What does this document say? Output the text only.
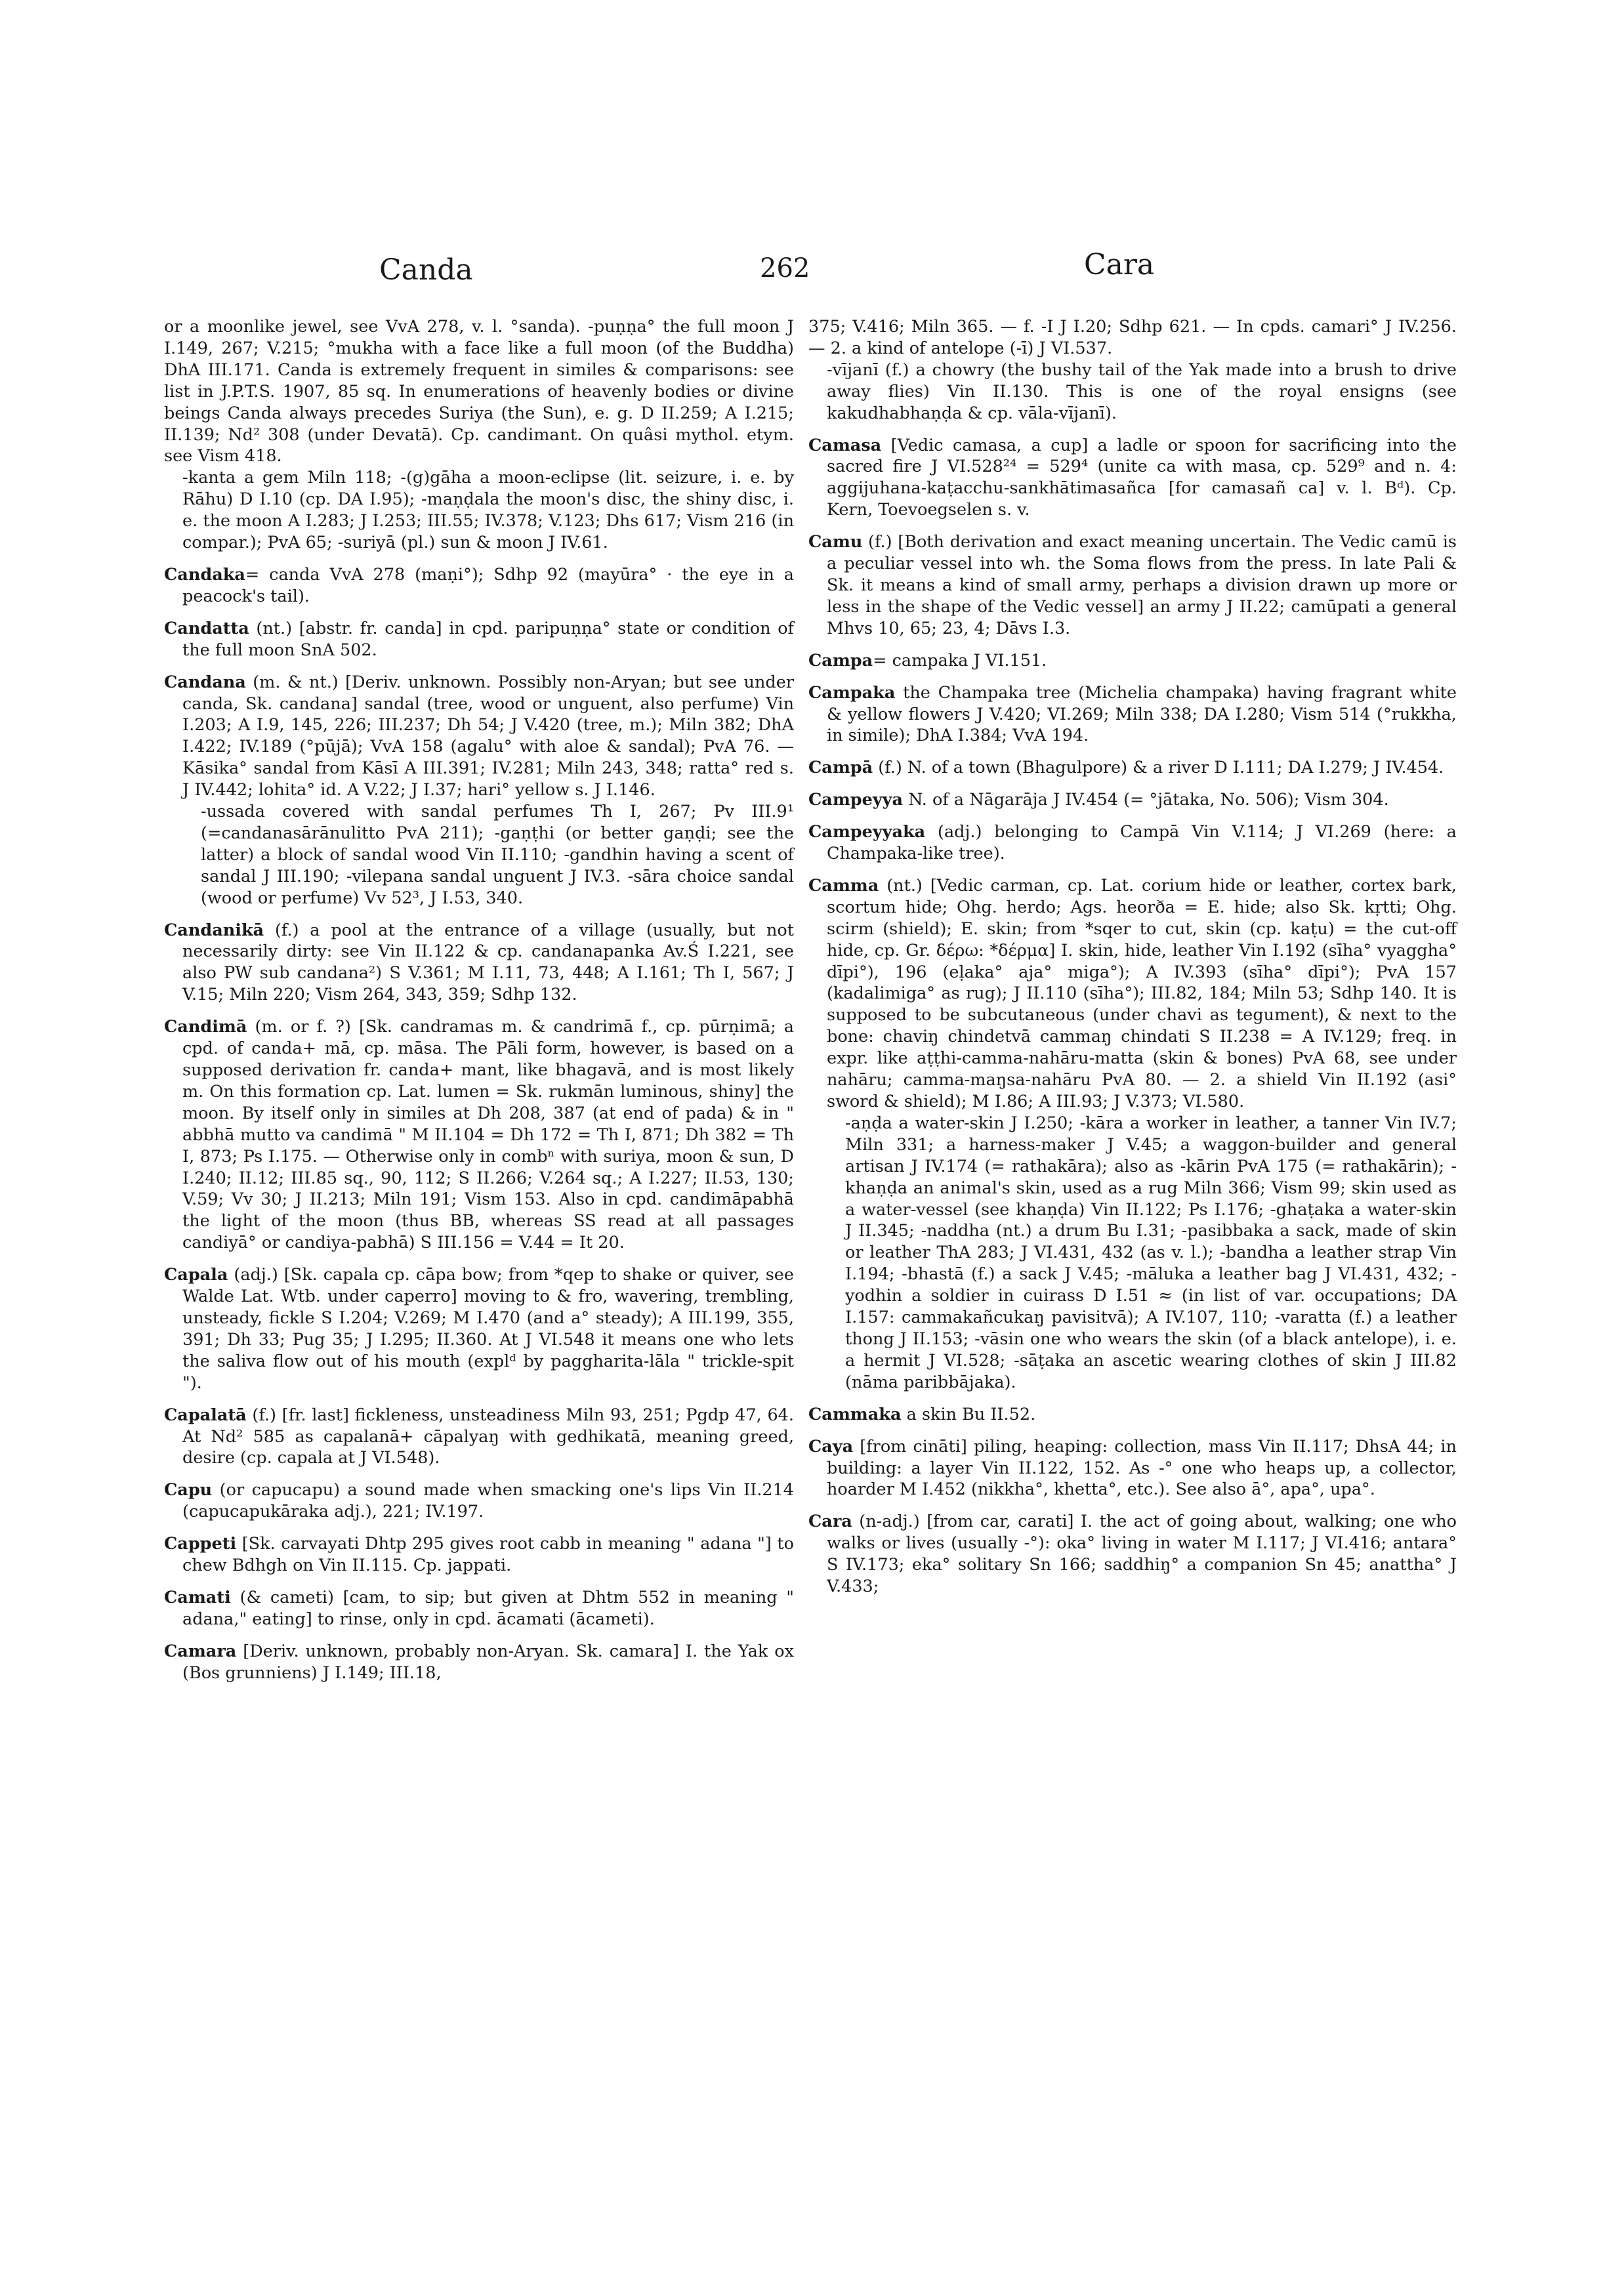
Canda	262	Cara
or a moonlike jewel, see VvA 278, v. l. °sanda). -puṇṇa° the full moon J I.149, 267; V.215; °mukha with a face like a full moon (of the Buddha) DhA III.171. Canda is extremely frequent in similes & comparisons: see list in J.P.T.S. 1907, 85 sq. In enumerations of heavenly bodies or divine beings Canda always precedes Suriya (the Sun), e. g. D II.259; A I.215; II.139; Nd² 308 (under Devatā). Cp. candimant. On quâsi mythol. etym. see Vism 418.
-kanta a gem Miln 118; -(g)gāha a moon-eclipse (lit. seizure, i. e. by Rāhu) D I.10 (cp. DA I.95); -maṇḍala the moon's disc, the shiny disc, i. e. the moon A I.283; J I.253; III.55; IV.378; V.123; Dhs 617; Vism 216 (in compar.); PvA 65; -suriyā (pl.) sun & moon J IV.61.
Candaka= canda VvA 278 (maṇi°); Sdhp 92 (mayūra° · the eye in a peacock's tail).
Candatta (nt.) [abstr. fr. canda] in cpd. paripuṇṇa° state or condition of the full moon SnA 502.
Candana (m. & nt.) [Deriv. unknown. Possibly non-Aryan; but see under canda, Sk. candana] sandal (tree, wood or unguent, also perfume) Vin I.203; A I.9, 145, 226; III.237; Dh 54; J V.420 (tree, m.); Miln 382; DhA I.422; IV.189 (°pūjā); VvA 158 (agalu° with aloe & sandal); PvA 76. — Kāsika° sandal from Kāsī A III.391; IV.281; Miln 243, 348; ratta° red s. J IV.442; lohita° id. A V.22; J I.37; hari° yellow s. J I.146.
-ussada covered with sandal perfumes Th I, 267; Pv III.9¹ (=candanasārānulitto PvA 211); -gaṇṭhi (or better gaṇḍi; see the latter) a block of sandal wood Vin II.110; -gandhin having a scent of sandal J III.190; -vilepana sandal unguent J IV.3. -sāra choice sandal (wood or perfume) Vv 52³, J I.53, 340.
Candanikā (f.) a pool at the entrance of a village (usually, but not necessarily dirty: see Vin II.122 & cp. candanapanka Av.Ś I.221, see also PW sub candana²) S V.361; M I.11, 73, 448; A I.161; Th I, 567; J V.15; Miln 220; Vism 264, 343, 359; Sdhp 132.
Candimā (m. or f. ?) [Sk. candramas m. & candrimā f., cp. pūrṇimā; a cpd. of canda+ mā, cp. māsa. The Pāli form, however, is based on a supposed derivation fr. canda+ mant, like bhagavā, and is most likely m. On this formation cp. Lat. lumen = Sk. rukmān luminous, shiny] the moon. By itself only in similes at Dh 208, 387 (at end of pada) & in " abbhā mutto va candimā " M II.104 = Dh 172 = Th I, 871; Dh 382 = Th I, 873; Ps I.175. — Otherwise only in combⁿ with suriya, moon & sun, D I.240; II.12; III.85 sq., 90, 112; S II.266; V.264 sq.; A I.227; II.53, 130; V.59; Vv 30; J II.213; Miln 191; Vism 153. Also in cpd. candimāpabhā the light of the moon (thus BB, whereas SS read at all passages candiyā° or candiya-pabhā) S III.156 = V.44 = It 20.
Capala (adj.) [Sk. capala cp. cāpa bow; from *qep to shake or quiver, see Walde Lat. Wtb. under caperro] moving to & fro, wavering, trembling, unsteady, fickle S I.204; V.269; M I.470 (and a° steady); A III.199, 355, 391; Dh 33; Pug 35; J I.295; II.360. At J VI.548 it means one who lets the saliva flow out of his mouth (explᵈ by paggharita-lāla " trickle-spit ").
Capalatā (f.) [fr. last] fickleness, unsteadiness Miln 93, 251; Pgdp 47, 64. At Nd² 585 as capalanā+ cāpalyaŋ with gedhikatā, meaning greed, desire (cp. capala at J VI.548).
Capu (or capucapu) a sound made when smacking one's lips Vin II.214 (capucapukāraka adj.), 221; IV.197.
Cappeti [Sk. carvayati Dhtp 295 gives root cabb in meaning " adana "] to chew Bdhgh on Vin II.115. Cp. jappati.
Camati (& cameti) [cam, to sip; but given at Dhtm 552 in meaning " adana," eating] to rinse, only in cpd. ācamati (ācameti).
Camara [Deriv. unknown, probably non-Aryan. Sk. camara] I. the Yak ox (Bos grunniens) J I.149; III.18,
375; V.416; Miln 365. — f. -I J I.20; Sdhp 621. — In cpds. camari° J IV.256. — 2. a kind of antelope (-ī) J VI.537.
-vījanī (f.) a chowry (the bushy tail of the Yak made into a brush to drive away flies) Vin II.130. This is one of the royal ensigns (see kakudhabhaṇḍa & cp. vāla-vījanī).
Camasa [Vedic camasa, a cup] a ladle or spoon for sacrificing into the sacred fire J VI.528²⁴ = 529⁴ (unite ca with masa, cp. 529⁹ and n. 4: aggijuhana-kaṭacchu-sankhātimasañca [for camasañ ca] v. l. Bᵈ). Cp. Kern, Toevoegselen s. v.
Camu (f.) [Both derivation and exact meaning uncertain. The Vedic camū is a peculiar vessel into wh. the Soma flows from the press. In late Pali & Sk. it means a kind of small army, perhaps a division drawn up more or less in the shape of the Vedic vessel] an army J II.22; camūpati a general Mhvs 10, 65; 23, 4; Dāvs I.3.
Campa= campaka J VI.151.
Campaka the Champaka tree (Michelia champaka) having fragrant white & yellow flowers J V.420; VI.269; Miln 338; DA I.280; Vism 514 (°rukkha, in simile); DhA I.384; VvA 194.
Campā (f.) N. of a town (Bhagulpore) & a river D I.111; DA I.279; J IV.454.
Campeyya N. of a Nāgarāja J IV.454 (= °jātaka, No. 506); Vism 304.
Campeyyaka (adj.) belonging to Campā Vin V.114; J VI.269 (here: a Champaka-like tree).
Camma (nt.) [Vedic carman, cp. Lat. corium hide or leather, cortex bark, scortum hide; Ohg. herdo; Ags. heorða = E. hide; also Sk. kṛtti; Ohg. scirm (shield); E. skin; from *sqer to cut, skin (cp. kaṭu) = the cut-off hide, cp. Gr. δέρω: *δέρμα] I. skin, hide, leather Vin I.192 (sīha° vyaggha° dīpi°), 196 (eḷaka° aja° miga°); A IV.393 (sīha° dīpi°); PvA 157 (kadalimiga° as rug); J II.110 (sīha°); III.82, 184; Miln 53; Sdhp 140. It is supposed to be subcutaneous (under chavi as tegument), & next to the bone: chaviŋ chindetvā cammaŋ chindati S II.238 = A IV.129; freq. in expr. like aṭṭhi-camma-nahāru-matta (skin & bones) PvA 68, see under nahāru; camma-maŋsa-nahāru PvA 80. — 2. a shield Vin II.192 (asi° sword & shield); M I.86; A III.93; J V.373; VI.580.
-aṇḍa a water-skin J I.250; -kāra a worker in leather, a tanner Vin IV.7; Miln 331; a harness-maker J V.45; a waggon-builder and general artisan J IV.174 (= rathakāra); also as -kārin PvA 175 (= rathakārin); -khaṇḍa an animal's skin, used as a rug Miln 366; Vism 99; skin used as a water-vessel (see khaṇḍa) Vin II.122; Ps I.176; -ghaṭaka a water-skin J II.345; -naddha (nt.) a drum Bu I.31; -pasibbaka a sack, made of skin or leather ThA 283; J VI.431, 432 (as v. l.); -bandha a leather strap Vin I.194; -bhastā (f.) a sack J V.45; -māluka a leather bag J VI.431, 432; -yodhin a soldier in cuirass D I.51 ≈ (in list of var. occupations; DA I.157: cammakañcukaŋ pavisitvā); A IV.107, 110; -varatta (f.) a leather thong J II.153; -vāsin one who wears the skin (of a black antelope), i. e. a hermit J VI.528; -sāṭaka an ascetic wearing clothes of skin J III.82 (nāma paribbājaka).
Cammaka a skin Bu II.52.
Caya [from cināti] piling, heaping: collection, mass Vin II.117; DhsA 44; in building: a layer Vin II.122, 152. As -° one who heaps up, a collector, hoarder M I.452 (nikkha°, khetta°, etc.). See also ā°, apa°, upa°.
Cara (n-adj.) [from car, carati] I. the act of going about, walking; one who walks or lives (usually -°): oka° living in water M I.117; J VI.416; antara° S IV.173; eka° solitary Sn 166; saddhiŋ° a companion Sn 45; anattha° J V.433;
